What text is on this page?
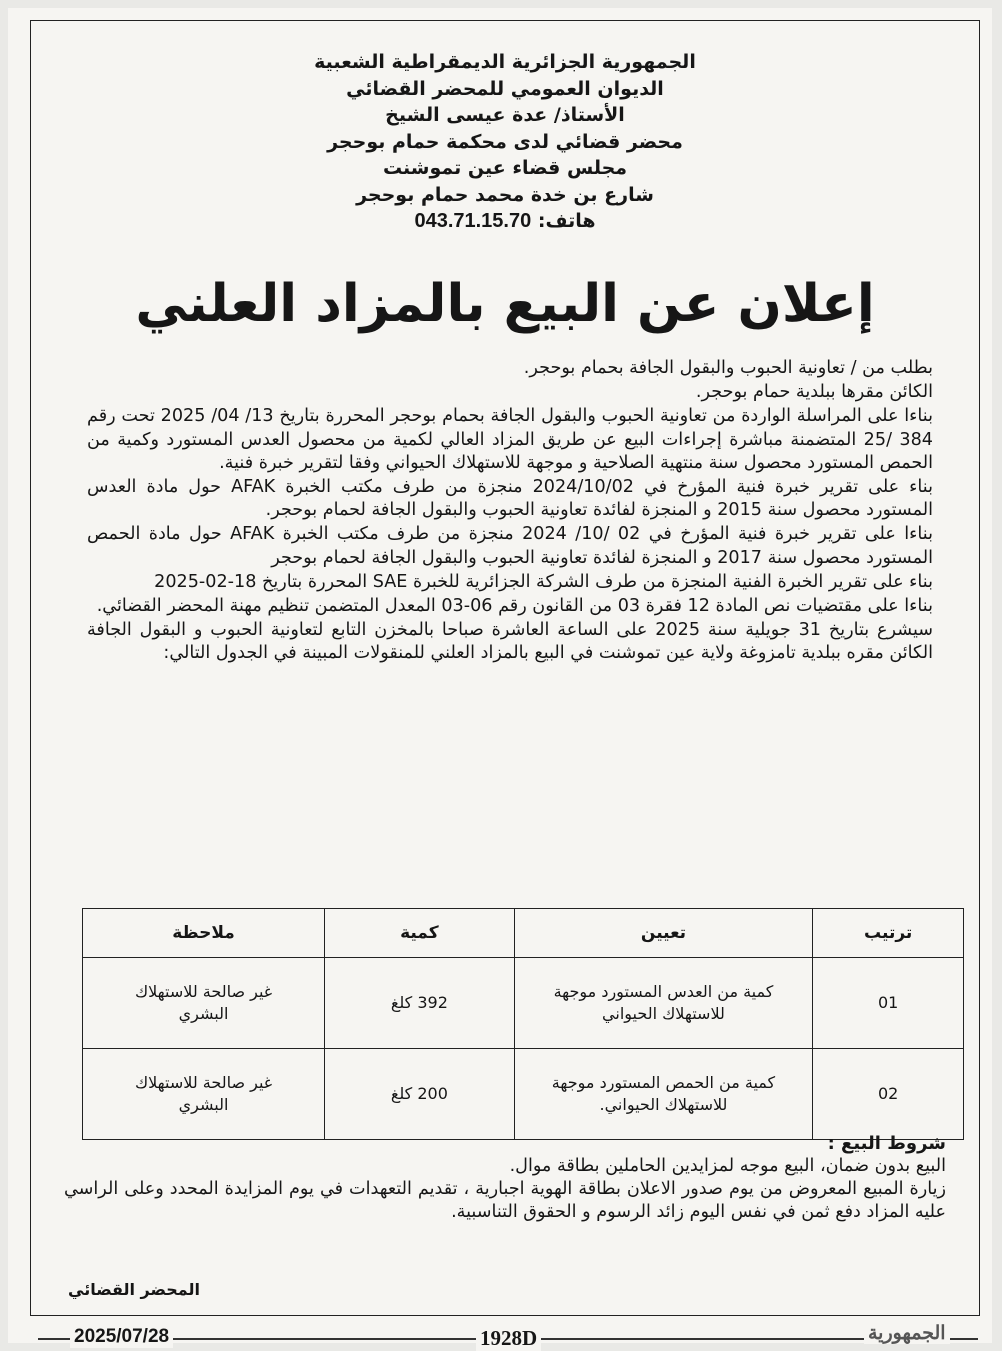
الجمهورية الجزائرية الديمقراطية الشعبية
الديوان العمومي للمحضر القضائي
الأستاذ/ عدة عيسى الشيخ
محضر قضائي لدى محكمة حمام بوحجر
مجلس قضاء عين تموشنت
شارع بن خدة محمد حمام بوحجر
هاتف: 043.71.15.70
إعلان عن البيع بالمزاد العلني

بطلب من / تعاونية الحبوب والبقول الجافة بحمام بوحجر.

الكائن مقرها ببلدية حمام بوحجر.

بناءا على المراسلة الواردة من تعاونية الحبوب والبقول الجافة بحمام بوحجر المحررة بتاريخ 13/ 04/ 2025 تحت رقم 384 /25 المتضمنة مباشرة إجراءات البيع عن طريق المزاد العالي لكمية من محصول العدس المستورد وكمية من الحمص المستورد محصول سنة منتهية الصلاحية و موجهة للاستهلاك الحيواني وفقا لتقرير خبرة فنية.

بناء على تقرير خبرة فنية المؤرخ في 2024/10/02 منجزة من طرف مكتب الخبرة AFAK حول مادة العدس المستورد محصول سنة 2015 و المنجزة لفائدة تعاونية الحبوب والبقول الجافة لحمام بوحجر.

بناءا على تقرير خبرة فنية المؤرخ في 02 /10/ 2024 منجزة من طرف مكتب الخبرة AFAK حول مادة الحمص المستورد محصول سنة 2017 و المنجزة لفائدة تعاونية الحبوب والبقول الجافة لحمام بوحجر

بناء على تقرير الخبرة الفنية المنجزة من طرف الشركة الجزائرية للخبرة SAE المحررة بتاريخ 18-02-2025

بناءا على مقتضيات نص المادة 12 فقرة 03 من القانون رقم 06-03 المعدل المتضمن تنظيم مهنة المحضر القضائي.

سيشرع بتاريخ 31 جويلية سنة 2025 على الساعة العاشرة صباحا بالمخزن التابع لتعاونية الحبوب و البقول الجافة الكائن مقره ببلدية تامزوغة ولاية عين تموشنت في البيع بالمزاد العلني للمنقولات المبينة في الجدول التالي:

ترتيب	تعيين	كمية	ملاحظة
01	كمية من العدس المستورد موجهة للاستهلاك الحيواني	392 كلغ	غير صالحة للاستهلاك البشري
02	كمية من الحمص المستورد موجهة للاستهلاك الحيواني.	200 كلغ	غير صالحة للاستهلاك البشري

شروط البيع :

البيع بدون ضمان، البيع موجه لمزايدين الحاملين بطاقة موال.

زيارة المبيع المعروض من يوم صدور الاعلان بطاقة الهوية اجبارية ، تقديم التعهدات في يوم المزايدة المحدد وعلى الراسي عليه المزاد دفع ثمن في نفس اليوم زائد الرسوم و الحقوق التناسبية.

المحضر القضائي
2025/07/28	1928D	الجمهورية
